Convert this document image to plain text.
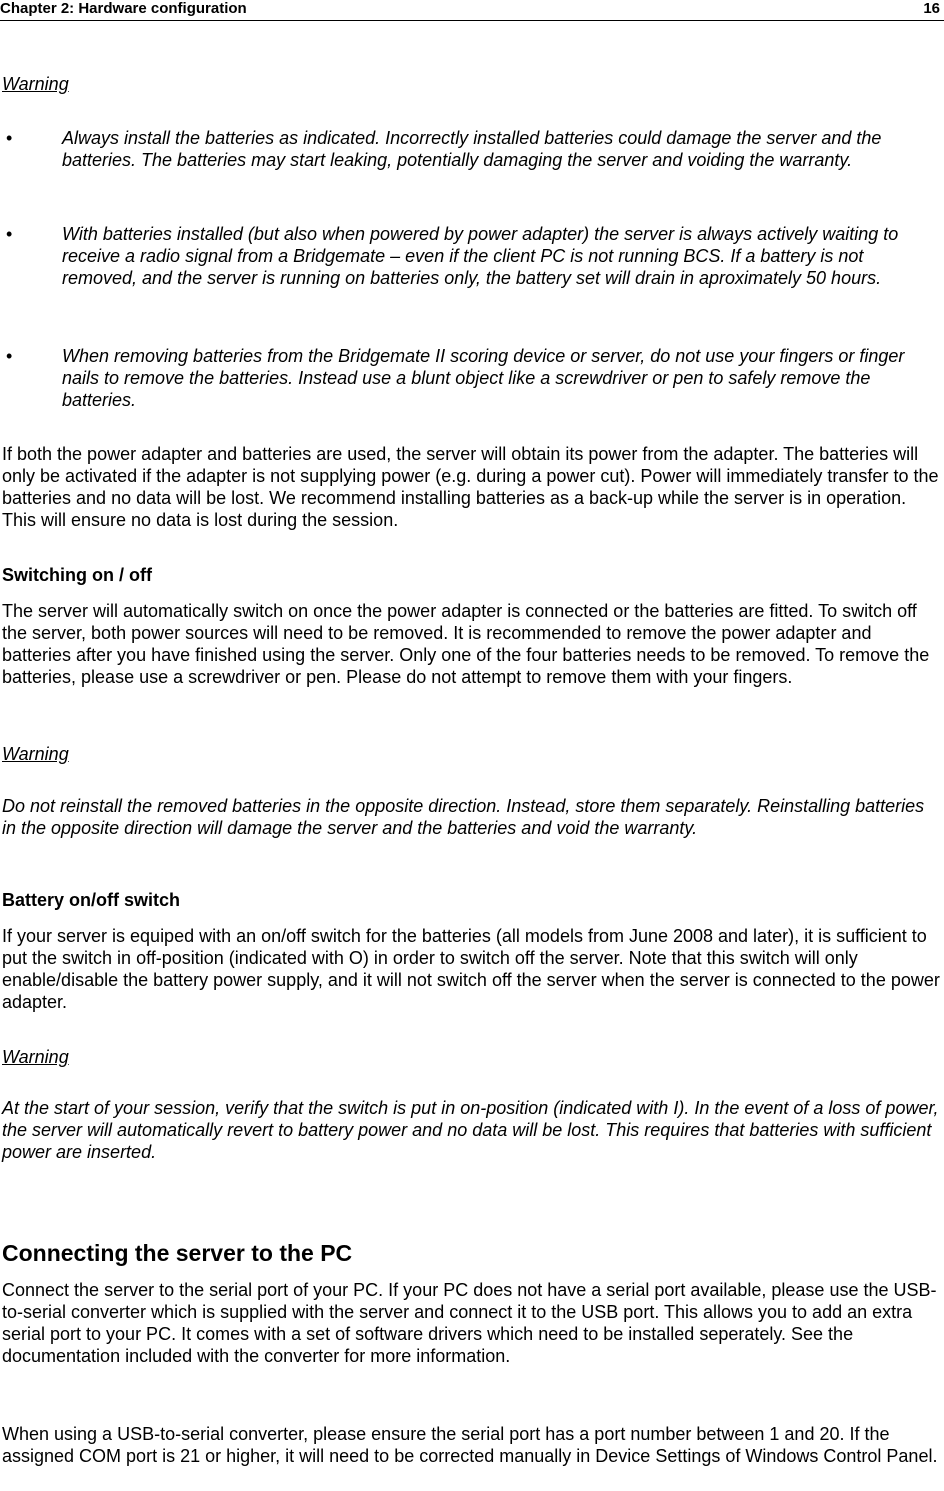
Chapter 2: Hardware configuration	16
Warning
•	Always install the batteries as indicated. Incorrectly installed batteries could damage the server and the batteries. The batteries may start leaking, potentially damaging the server and voiding the warranty.
•	With batteries installed (but also when powered by power adapter) the server is always actively waiting to receive a radio signal from a Bridgemate – even if the client PC is not running BCS. If a battery is not removed, and the server is running on batteries only, the battery set will drain in aproximately 50 hours.
•	When removing batteries from the Bridgemate II scoring device or server, do not use your fingers or finger nails to remove the batteries. Instead use a blunt object like a screwdriver or pen to safely remove the batteries.

If both the power adapter and batteries are used, the server will obtain its power from the adapter. The batteries will only be activated if the adapter is not supplying power (e.g. during a power cut). Power will immediately transfer to the batteries and no data will be lost. We recommend installing batteries as a back-up while the server is in operation. This will ensure no data is lost during the session.

Switching on / off

The server will automatically switch on once the power adapter is connected or the batteries are fitted. To switch off the server, both power sources will need to be removed. It is recommended to remove the power adapter and batteries after you have finished using the server. Only one of the four batteries needs to be removed. To remove the batteries, please use a screwdriver or pen. Please do not attempt to remove them with your fingers.

Warning

Do not reinstall the removed batteries in the opposite direction. Instead, store them separately. Reinstalling batteries in the opposite direction will damage the server and the batteries and void the warranty.

Battery on/off switch

If your server is equiped with an on/off switch for the batteries (all models from June 2008 and later), it is sufficient to put the switch in off-position (indicated with O) in order to switch off the server. Note that this switch will only enable/disable the battery power supply, and it will not switch off the server when the server is connected to the power adapter.

Warning

At the start of your session, verify that the switch is put in on-position (indicated with I). In the event of a loss of power, the server will automatically revert to battery power and no data will be lost. This requires that batteries with sufficient power are inserted.

Connecting the server to the PC

Connect the server to the serial port of your PC. If your PC does not have a serial port available, please use the USB-to-serial converter which is supplied with the server and connect it to the USB port. This allows you to add an extra serial port to your PC. It comes with a set of software drivers which need to be installed seperately. See the documentation included with the converter for more information.

When using a USB-to-serial converter, please ensure the serial port has a port number between 1 and 20. If the assigned COM port is 21 or higher, it will need to be corrected manually in Device Settings of Windows Control Panel.
